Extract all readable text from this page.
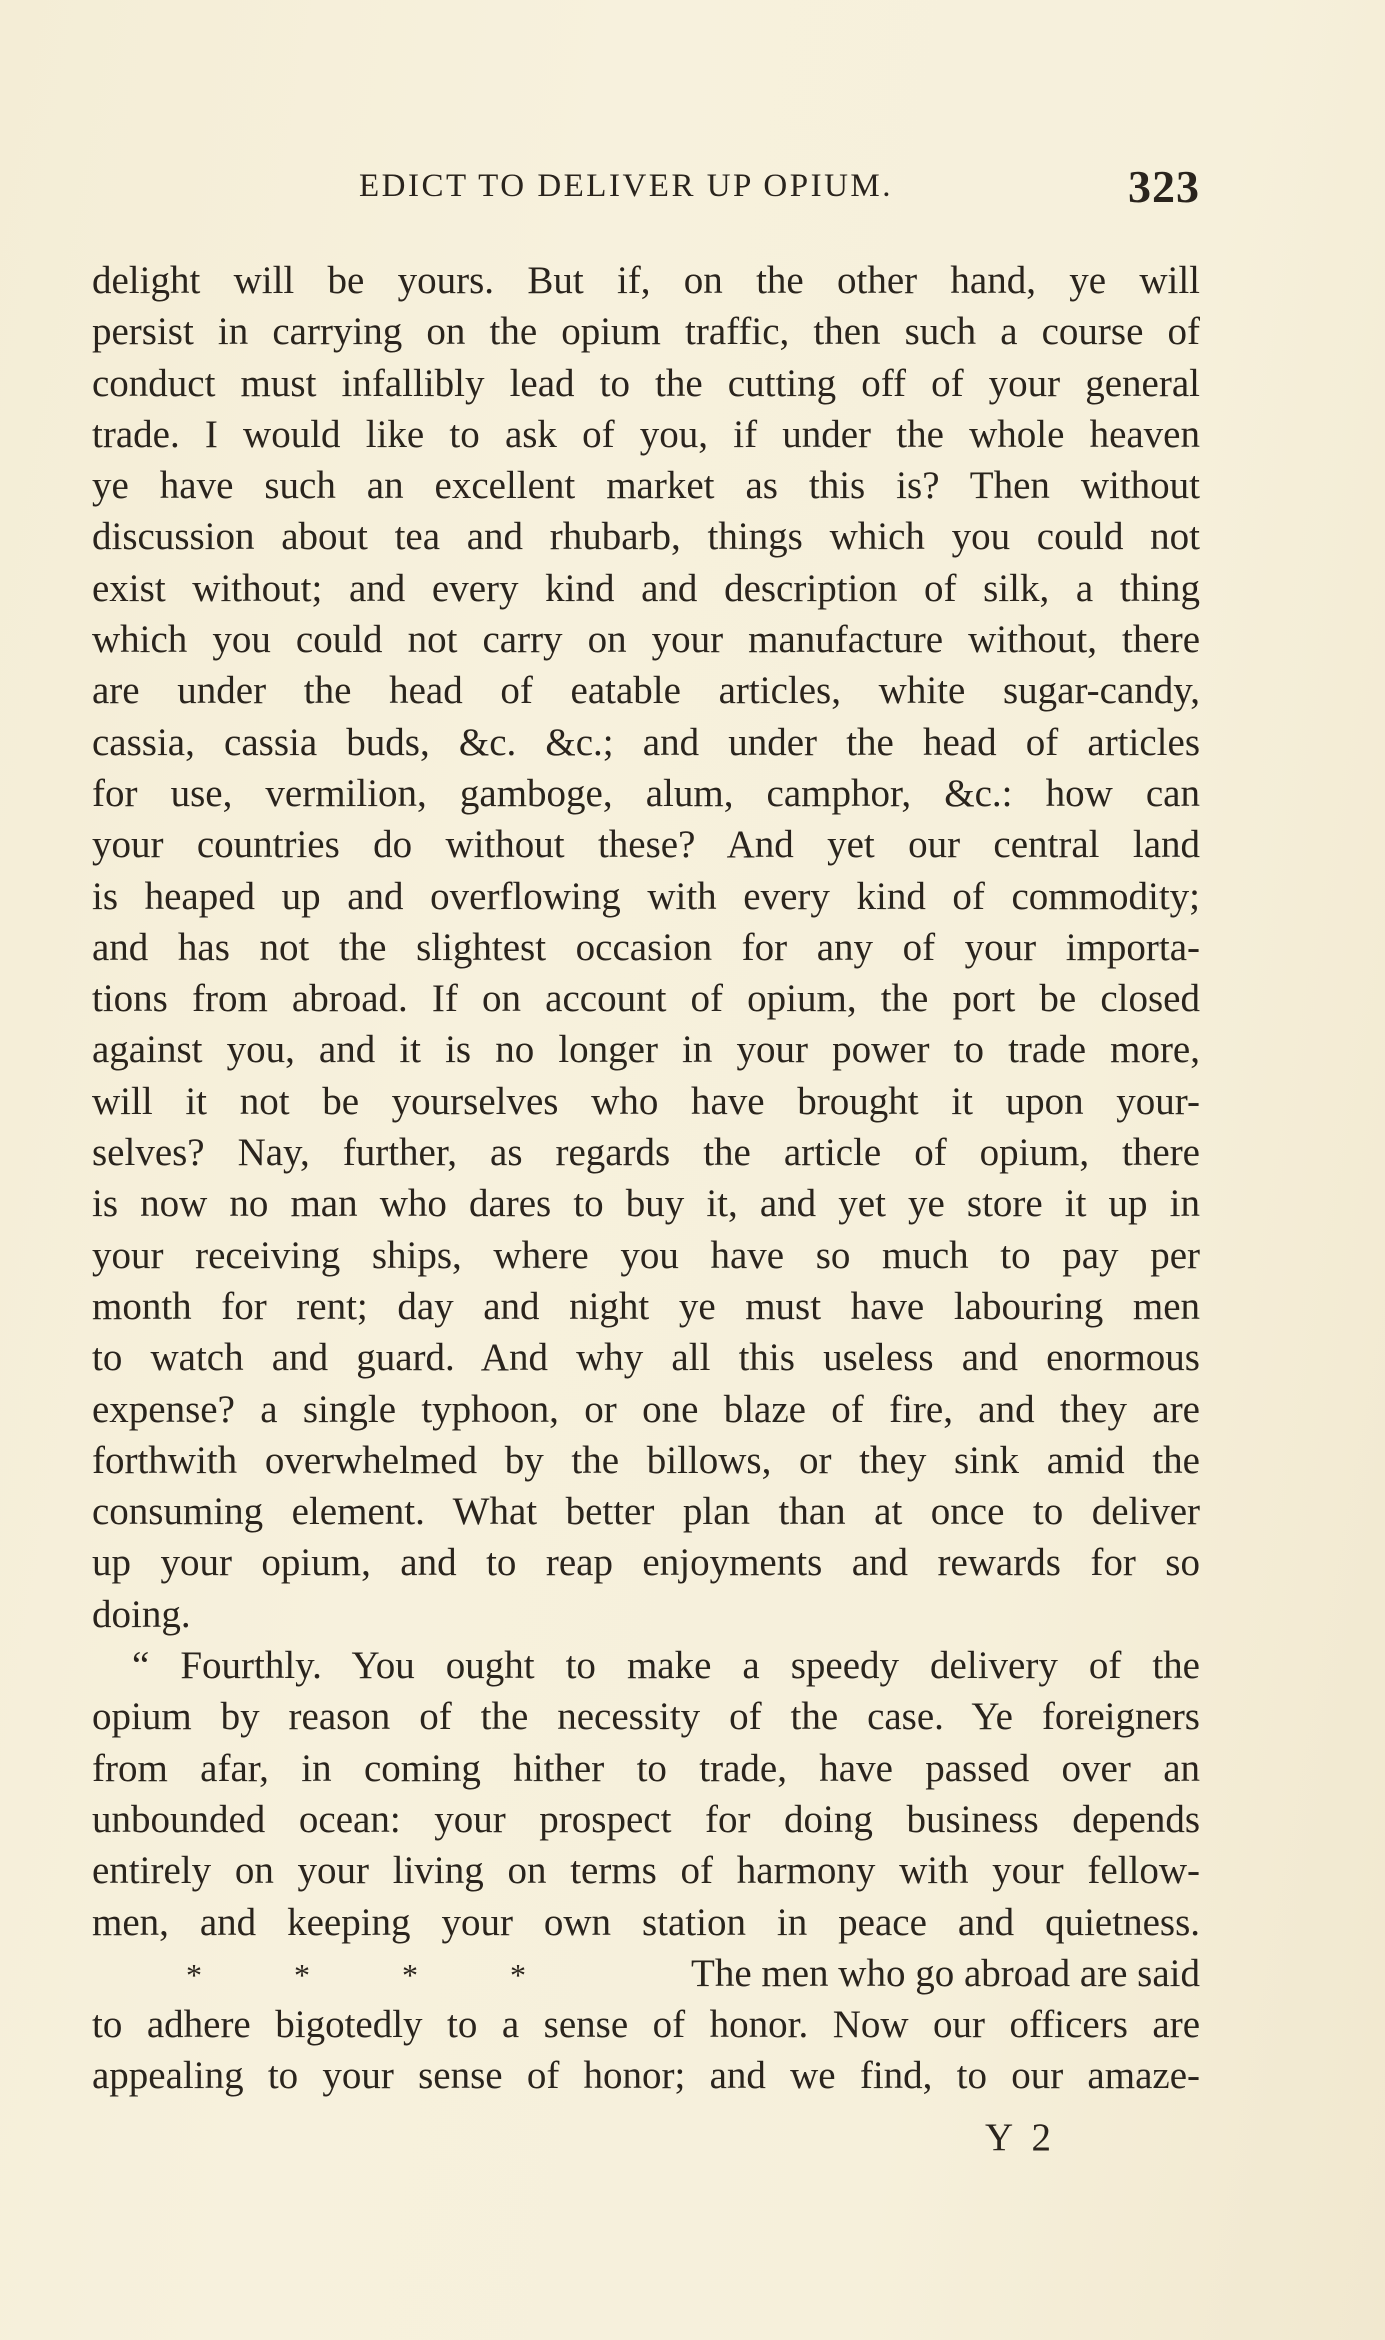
EDICT TO DELIVER UP OPIUM.	323
delight will be yours. But if, on the other hand, ye will
persist in carrying on the opium traffic, then such a course of
conduct must infallibly lead to the cutting off of your general
trade. I would like to ask of you, if under the whole heaven
ye have such an excellent market as this is? Then without
discussion about tea and rhubarb, things which you could not
exist without; and every kind and description of silk, a thing
which you could not carry on your manufacture without, there
are under the head of eatable articles, white sugar-candy,
cassia, cassia buds, &c. &c.; and under the head of articles
for use, vermilion, gamboge, alum, camphor, &c.: how can
your countries do without these? And yet our central land
is heaped up and overflowing with every kind of commodity;
and has not the slightest occasion for any of your importa-
tions from abroad. If on account of opium, the port be closed
against you, and it is no longer in your power to trade more,
will it not be yourselves who have brought it upon your-
selves? Nay, further, as regards the article of opium, there
is now no man who dares to buy it, and yet ye store it up in
your receiving ships, where you have so much to pay per
month for rent; day and night ye must have labouring men
to watch and guard. And why all this useless and enormous
expense? a single typhoon, or one blaze of fire, and they are
forthwith overwhelmed by the billows, or they sink amid the
consuming element. What better plan than at once to deliver
up your opium, and to reap enjoyments and rewards for so
doing.
“ Fourthly. You ought to make a speedy delivery of the
opium by reason of the necessity of the case. Ye foreigners
from afar, in coming hither to trade, have passed over an
unbounded ocean: your prospect for doing business depends
entirely on your living on terms of harmony with your fellow-
men, and keeping your own station in peace and quietness.
*	*	*	*	The men who go abroad are said
to adhere bigotedly to a sense of honor. Now our officers are
appealing to your sense of honor; and we find, to our amaze-
Y 2
